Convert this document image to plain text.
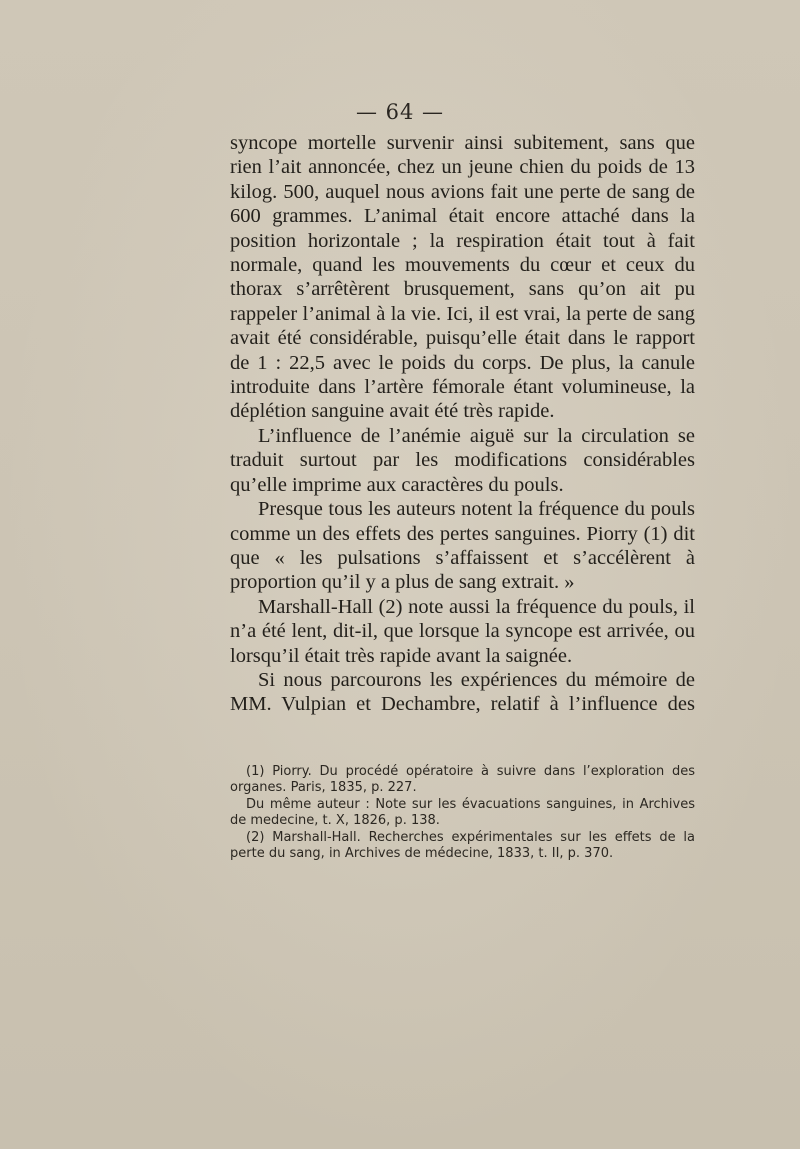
— 64 —

syncope mortelle survenir ainsi subitement, sans que rien l’ait annoncée, chez un jeune chien du poids de 13 kilog. 500, auquel nous avions fait une perte de sang de 600 grammes. L’animal était encore attaché dans la position horizontale ; la respiration était tout à fait normale, quand les mouvements du cœur et ceux du thorax s’arrêtèrent brusquement, sans qu’on ait pu rappeler l’animal à la vie. Ici, il est vrai, la perte de sang avait été considérable, puisqu’elle était dans le rapport de 1 : 22,5 avec le poids du corps. De plus, la canule introduite dans l’artère fémorale étant volumineuse, la déplétion sanguine avait été très rapide.

L’influence de l’anémie aiguë sur la circulation se traduit surtout par les modifications considérables qu’elle imprime aux caractères du pouls.

Presque tous les auteurs notent la fréquence du pouls comme un des effets des pertes sanguines. Piorry (1) dit que « les pulsations s’affaissent et s’accélèrent à proportion qu’il y a plus de sang extrait. »

Marshall-Hall (2) note aussi la fréquence du pouls, il n’a été lent, dit-il, que lorsque la syncope est arrivée, ou lorsqu’il était très rapide avant la saignée.

Si nous parcourons les expériences du mémoire de MM. Vulpian et Dechambre, relatif à l’influence des

(1) Piorry. Du procédé opératoire à suivre dans l’exploration des organes. Paris, 1835, p. 227.

Du même auteur : Note sur les évacuations sanguines, in Archives de medecine, t. X, 1826, p. 138.

(2) Marshall-Hall. Recherches expérimentales sur les effets de la perte du sang, in Archives de médecine, 1833, t. II, p. 370.
